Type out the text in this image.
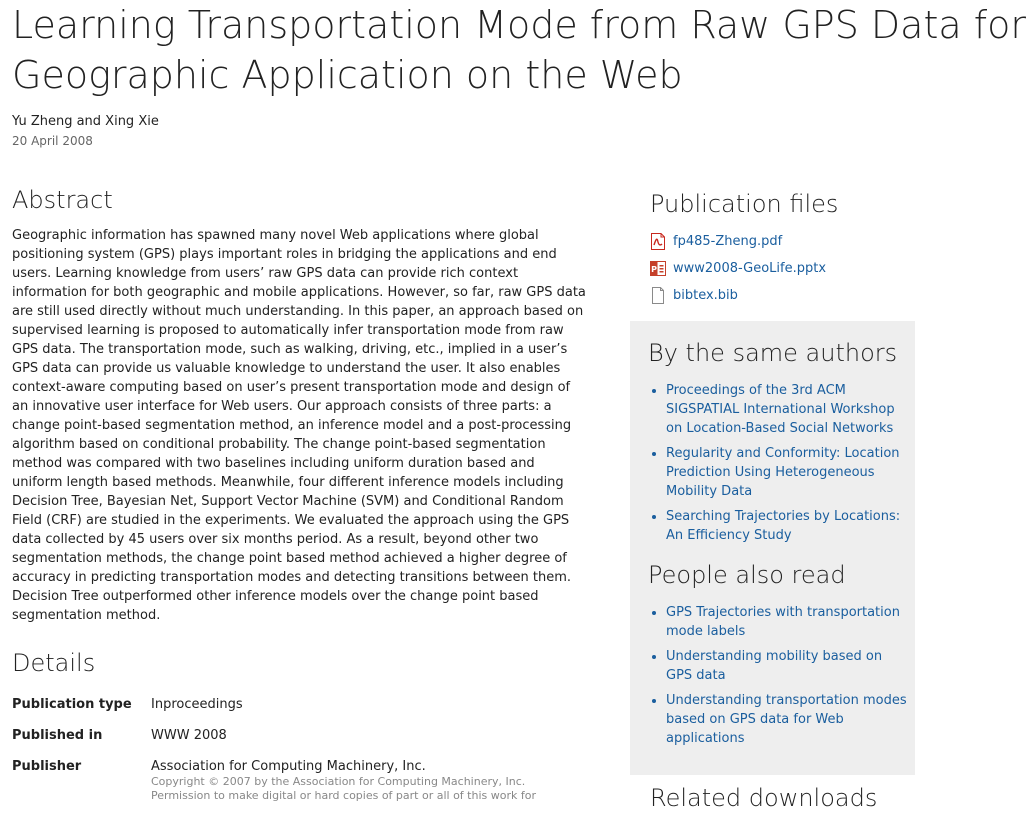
Learning Transportation Mode from Raw GPS Data for
Geographic Application on the Web

Yu Zheng and Xing Xie

20 April 2008

Abstract

Geographic information has spawned many novel Web applications where global positioning system (GPS) plays important roles in bridging the applications and end users. Learning knowledge from users’ raw GPS data can provide rich context information for both geographic and mobile applications. However, so far, raw GPS data are still used directly without much understanding. In this paper, an approach based on supervised learning is proposed to automatically infer transportation mode from raw GPS data. The transportation mode, such as walking, driving, etc., implied in a user’s GPS data can provide us valuable knowledge to understand the user. It also enables context-aware computing based on user’s present transportation mode and design of an innovative user interface for Web users. Our approach consists of three parts: a change point-based segmentation method, an inference model and a post-processing algorithm based on conditional probability. The change point-based segmentation method was compared with two baselines including uniform duration based and uniform length based methods. Meanwhile, four different inference models including Decision Tree, Bayesian Net, Support Vector Machine (SVM) and Conditional Random Field (CRF) are studied in the experiments. We evaluated the approach using the GPS data collected by 45 users over six months period. As a result, beyond other two segmentation methods, the change point based method achieved a higher degree of accuracy in predicting transportation modes and detecting transitions between them. Decision Tree outperformed other inference models over the change point based segmentation method.

Details
Publication type	Inproceedings
Published in	WWW 2008
Publisher	Association for Computing Machinery, Inc.
Copyright © 2007 by the Association for Computing Machinery, Inc.
Permission to make digital or hard copies of part or all of this work for
Publication files
fp485-Zheng.pdf
P www2008-GeoLife.pptx
bibtex.bib
By the same authors
• Proceedings of the 3rd ACM SIGSPATIAL International Workshop on Location-Based Social Networks
• Regularity and Conformity: Location Prediction Using Heterogeneous Mobility Data
• Searching Trajectories by Locations: An Efficiency Study
People also read
• GPS Trajectories with transportation mode labels
• Understanding mobility based on GPS data
• Understanding transportation modes based on GPS data for Web applications
Related downloads
